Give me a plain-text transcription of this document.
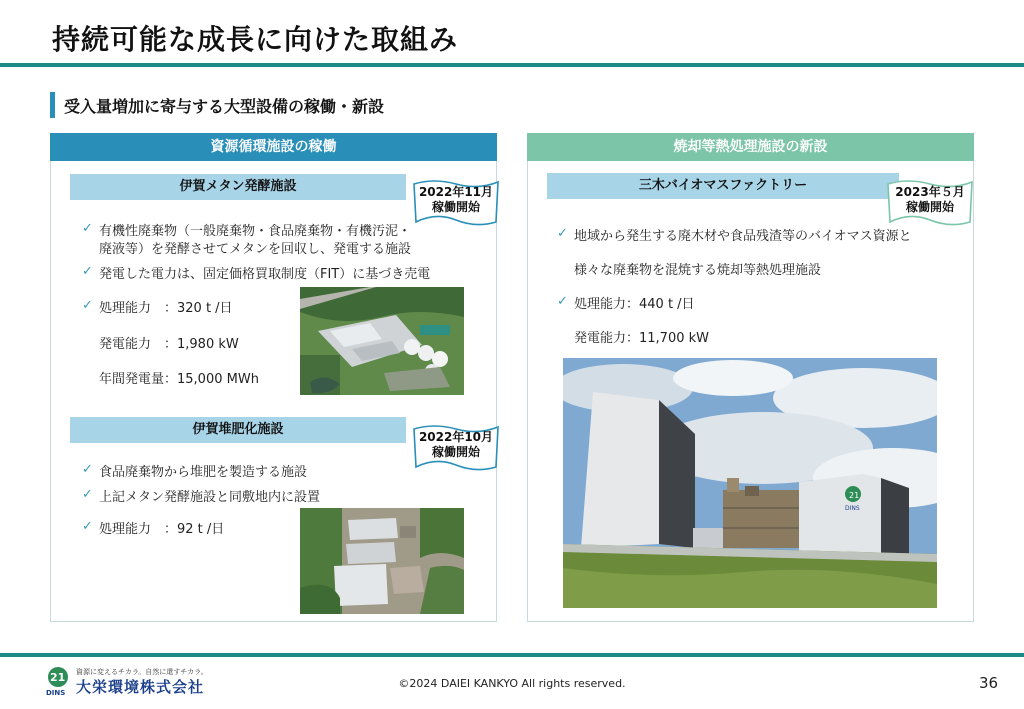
持続可能な成長に向けた取組み
受入量増加に寄与する大型設備の稼働・新設
資源循環施設の稼働
伊賀メタン発酵施設	2022年11月
稼働開始
✓ 有機性廃棄物（一般廃棄物・食品廃棄物・有機汚泥・
廃液等）を発酵させてメタンを回収し、発電する施設
✓ 発電した電力は、固定価格買取制度（FIT）に基づき売電
✓ 処理能力　：320 t /日
発電能力　：1,980 kW
年間発電量：15,000 MWh
伊賀堆肥化施設	2022年10月
稼働開始
✓ 食品廃棄物から堆肥を製造する施設
✓ 上記メタン発酵施設と同敷地内に設置
✓ 処理能力　：92 t /日
焼却等熱処理施設の新設
三木バイオマスファクトリー	2023年５月
稼働開始
✓ 地域から発生する廃木材や食品残渣等のバイオマス資源と
様々な廃棄物を混焼する焼却等熱処理施設
✓ 処理能力：440 t /日
発電能力：11,700 kW
21
DINS
21
DINS
資源に変えるチカラ。自然に還すチカラ。
大栄環境株式会社	©2024 DAIEI KANKYO All rights reserved.	36
